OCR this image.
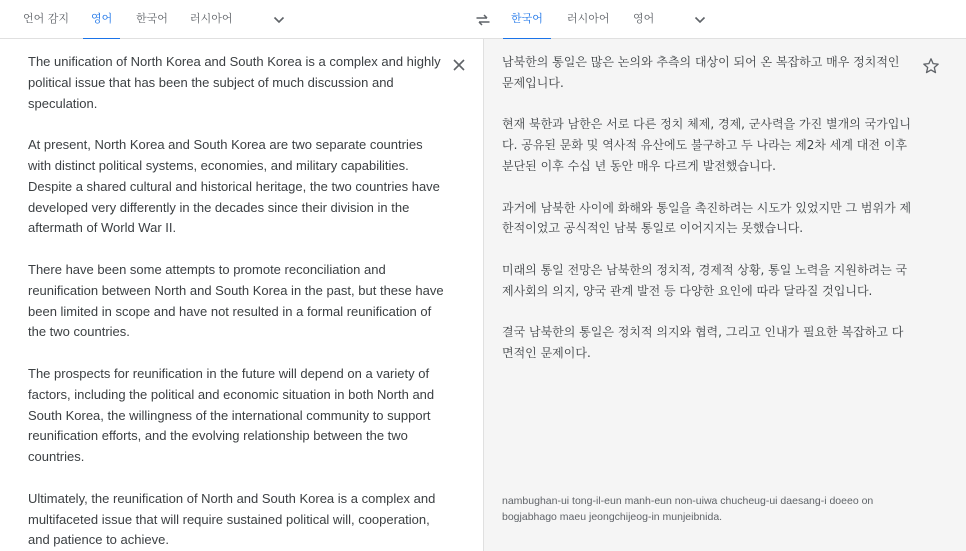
언어 감지 영어 한국어 러시아어	한국어 러시아어 영어

The unification of North Korea and South Korea is a complex and highly political issue that has been the subject of much discussion and speculation.

At present, North Korea and South Korea are two separate countries with distinct political systems, economies, and military capabilities. Despite a shared cultural and historical heritage, the two countries have developed very differently in the decades since their division in the aftermath of World War II.

There have been some attempts to promote reconciliation and reunification between North and South Korea in the past, but these have been limited in scope and have not resulted in a formal reunification of the two countries.

The prospects for reunification in the future will depend on a variety of factors, including the political and economic situation in both North and South Korea, the willingness of the international community to support reunification efforts, and the evolving relationship between the two countries.

Ultimately, the reunification of North and South Korea is a complex and multifaceted issue that will require sustained political will, cooperation, and patience to achieve.

남북한의 통일은 많은 논의와 추측의 대상이 되어 온 복잡하고 매우 정치적인 문제입니다.

현재 북한과 남한은 서로 다른 정치 체제, 경제, 군사력을 가진 별개의 국가입니다. 공유된 문화 및 역사적 유산에도 불구하고 두 나라는 제2차 세계 대전 이후 분단된 이후 수십 년 동안 매우 다르게 발전했습니다.

과거에 남북한 사이에 화해와 통일을 촉진하려는 시도가 있었지만 그 범위가 제한적이었고 공식적인 남북 통일로 이어지지는 못했습니다.

미래의 통일 전망은 남북한의 정치적, 경제적 상황, 통일 노력을 지원하려는 국제사회의 의지, 양국 관계 발전 등 다양한 요인에 따라 달라질 것입니다.

결국 남북한의 통일은 정치적 의지와 협력, 그리고 인내가 필요한 복잡하고 다면적인 문제이다.

nambughan-ui tong-il-eun manh-eun non-uiwa chucheug-ui daesang-i doeeo on bogjabhago maeu jeongchijeog-in munjeibnida.
